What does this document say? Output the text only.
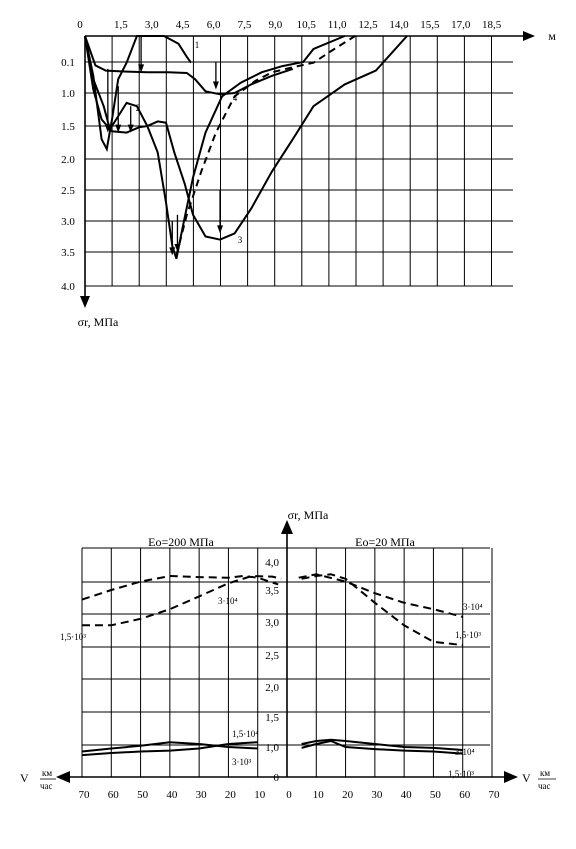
0	1,5 3,0 4,5 6,0 7,5 9,0 10,5 11,0 12,5 14,0 15,5 17,0 18,5
м
0.1
1.0
1.5
2.0
2.5
3.0
3.5
4.0
σr, МПа
1
2
3
4
σr, МПа
0
1,0
1,5
2,0
2,5
3,0
3,5
4,0
70 60 50 40 30 20 10 0 10 20 30 40 50 60 70
V	V
км
час
км
час
Eo=200 МПа	Eo=20 МПа
3·10⁴
1,5·10³
1,5·10⁴
3·10³
3·10⁴
1,5·10³
3·10⁴
1,5·10³
